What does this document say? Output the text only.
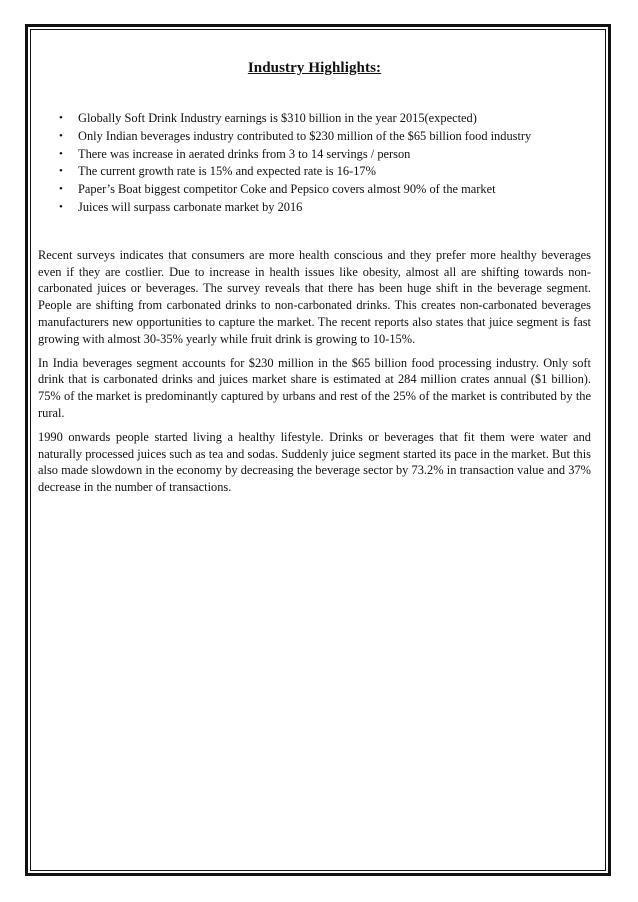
Industry Highlights:
• Globally Soft Drink Industry earnings is $310 billion in the year 2015(expected)
• Only Indian beverages industry contributed to $230 million of the $65 billion food industry
• There was increase in aerated drinks from 3 to 14 servings / person
• The current growth rate is 15% and expected rate is 16-17%
• Paper’s Boat biggest competitor Coke and Pepsico covers almost 90% of the market
• Juices will surpass carbonate market by 2016

Recent surveys indicates that consumers are more health conscious and they prefer more healthy beverages even if they are costlier. Due to increase in health issues like obesity, almost all are shifting towards non-carbonated juices or beverages. The survey reveals that there has been huge shift in the beverage segment. People are shifting from carbonated drinks to non-carbonated drinks. This creates non-carbonated beverages manufacturers new opportunities to capture the market. The recent reports also states that juice segment is fast growing with almost 30-35% yearly while fruit drink is growing to 10-15%.

In India beverages segment accounts for $230 million in the $65 billion food processing industry. Only soft drink that is carbonated drinks and juices market share is estimated at 284 million crates annual ($1 billion). 75% of the market is predominantly captured by urbans and rest of the 25% of the market is contributed by the rural.

1990 onwards people started living a healthy lifestyle. Drinks or beverages that fit them were water and naturally processed juices such as tea and sodas. Suddenly juice segment started its pace in the market. But this also made slowdown in the economy by decreasing the beverage sector by 73.2% in transaction value and 37% decrease in the number of transactions.
